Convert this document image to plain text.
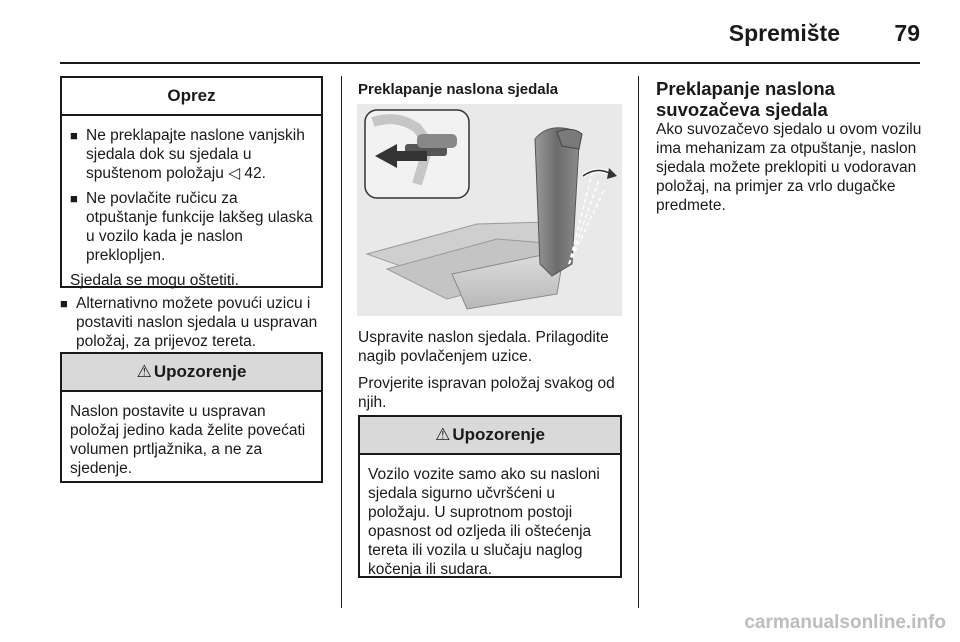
Spremište 79
Oprez
■ Ne preklapajte naslone vanjskih sjedala dok su sjedala u spuštenom položaju ◁ 42.
■ Ne povlačite ručicu za otpuštanje funkcije lakšeg ulaska u vozilo kada je naslon preklopljen.

Sjedala se mogu oštetiti.

■ Alternativno možete povući uzicu i postaviti naslon sjedala u uspravan položaj, za prijevoz tereta.
⚠ Upozorenje

Naslon postavite u uspravan položaj jedino kada želite povećati volumen prtljažnika, a ne za sjedenje.

Preklapanje naslona sjedala

Uspravite naslon sjedala. Prilagodite nagib povlačenjem uzice.

Provjerite ispravan položaj svakog od njih.

⚠ Upozorenje

Vozilo vozite samo ako su nasloni sjedala sigurno učvršćeni u položaju. U suprotnom postoji opasnost od ozljeda ili oštećenja tereta ili vozila u slučaju naglog kočenja ili sudara.

Preklapanje naslona
suvozačeva sjedala

Ako suvozačevo sjedalo u ovom vozilu ima mehanizam za otpuštanje, naslon sjedala možete preklopiti u vodoravan položaj, na primjer za vrlo dugačke predmete.

carmanualsonline.info
